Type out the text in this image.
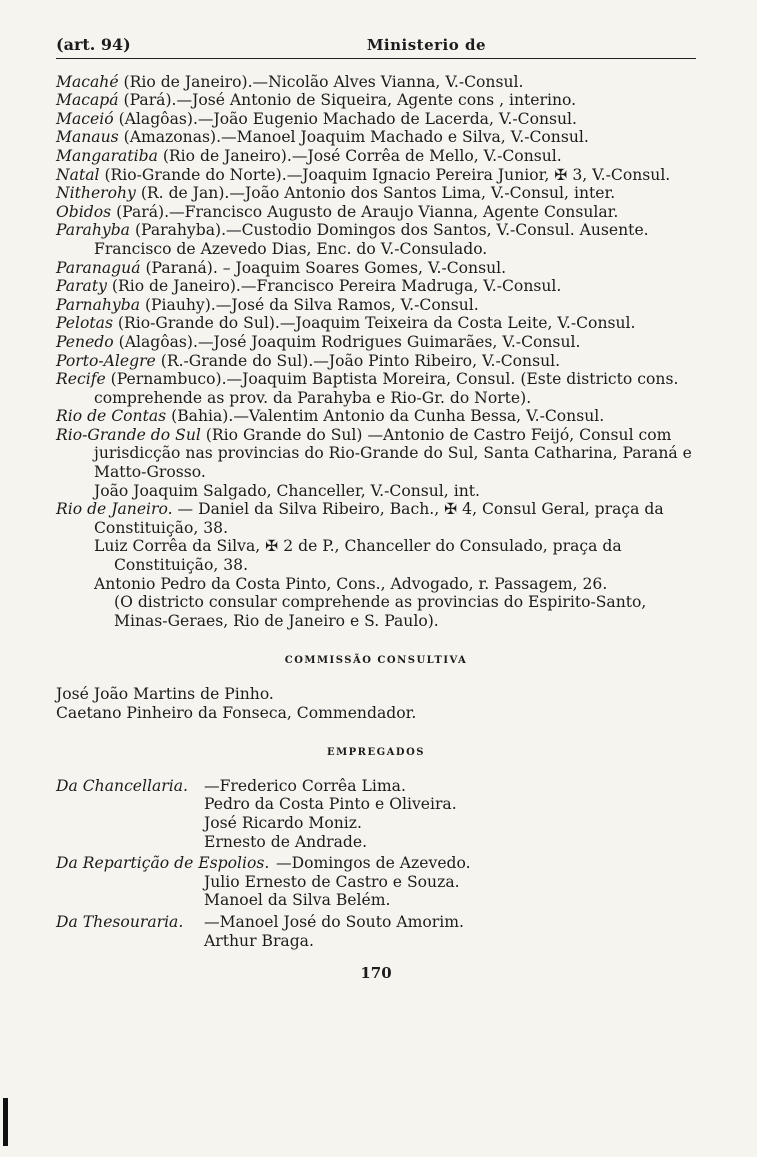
(art. 94)	Ministerio de
Macahé (Rio de Janeiro).—Nicolão Alves Vianna, V.-Consul.
Macapá (Pará).—José Antonio de Siqueira, Agente cons , interino.
Maceió (Alagôas).—João Eugenio Machado de Lacerda, V.-Consul.
Manaus (Amazonas).—Manoel Joaquim Machado e Silva, V.-Consul.
Mangaratiba (Rio de Janeiro).—José Corrêa de Mello, V.-Consul.
Natal (Rio-Grande do Norte).—Joaquim Ignacio Pereira Junior, ✠ 3, V.-Consul.
Nitherohy (R. de Jan).—João Antonio dos Santos Lima, V.-Consul, inter.
Obidos (Pará).—Francisco Augusto de Araujo Vianna, Agente Consular.
Parahyba (Parahyba).—Custodio Domingos dos Santos, V.-Consul. Ausente.
Francisco de Azevedo Dias, Enc. do V.-Consulado.
Paranaguá (Paraná). – Joaquim Soares Gomes, V.-Consul.
Paraty (Rio de Janeiro).—Francisco Pereira Madruga, V.-Consul.
Parnahyba (Piauhy).—José da Silva Ramos, V.-Consul.
Pelotas (Rio-Grande do Sul).—Joaquim Teixeira da Costa Leite, V.-Consul.
Penedo (Alagôas).—José Joaquim Rodrigues Guimarães, V.-Consul.
Porto-Alegre (R.-Grande do Sul).—João Pinto Ribeiro, V.-Consul.
Recife (Pernambuco).—Joaquim Baptista Moreira, Consul. (Este districto cons. comprehende as prov. da Parahyba e Rio-Gr. do Norte).
Rio de Contas (Bahia).—Valentim Antonio da Cunha Bessa, V.-Consul.
Rio-Grande do Sul (Rio Grande do Sul) —Antonio de Castro Feijó, Consul com jurisdicção nas provincias do Rio-Grande do Sul, Santa Catharina, Paraná e Matto-Grosso.
João Joaquim Salgado, Chanceller, V.-Consul, int.
Rio de Janeiro. — Daniel da Silva Ribeiro, Bach., ✠ 4, Consul Geral, praça da Constituição, 38.
Luiz Corrêa da Silva, ✠ 2 de P., Chanceller do Consulado, praça da Constituição, 38.
Antonio Pedro da Costa Pinto, Cons., Advogado, r. Passagem, 26.
(O districto consular comprehende as provincias do Espirito-Santo, Minas-Geraes, Rio de Janeiro e S. Paulo).
COMMISSÃO CONSULTIVA
José João Martins de Pinho.
Caetano Pinheiro da Fonseca, Commendador.
EMPREGADOS
Da Chancellaria.	—Frederico Corrêa Lima.
Pedro da Costa Pinto e Oliveira.
José Ricardo Moniz.
Ernesto de Andrade.
Da Repartição de Espolios. —Domingos de Azevedo.
Julio Ernesto de Castro e Souza.
Manoel da Silva Belém.
Da Thesouraria.	—Manoel José do Souto Amorim.
Arthur Braga.
170
